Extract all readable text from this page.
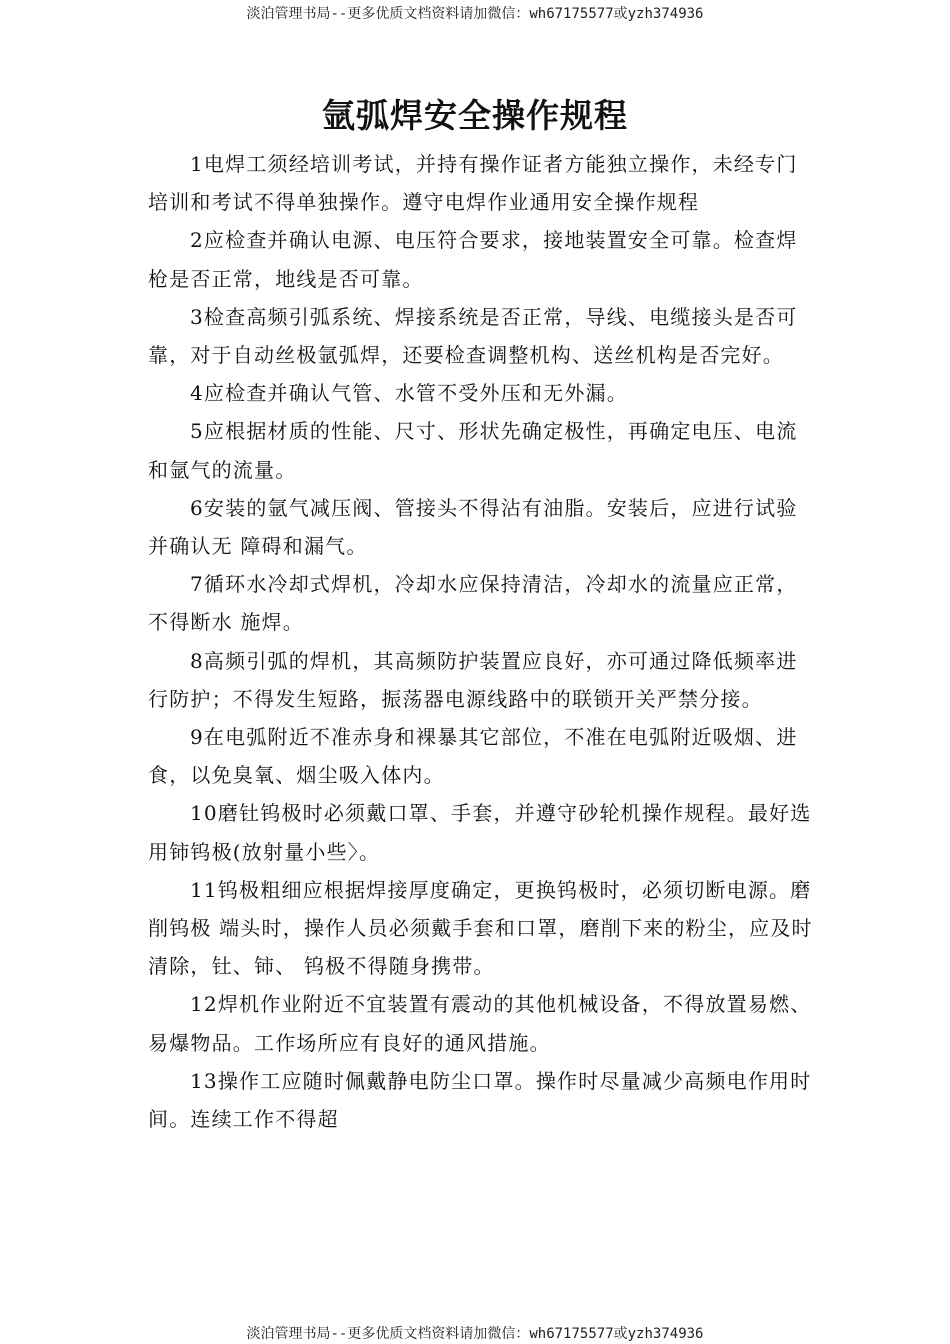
淡泊管理书局--更多优质文档资料请加微信：wh67175577或yzh374936
氩弧焊安全操作规程

1电焊工须经培训考试，并持有操作证者方能独立操作，未经专门培训和考试不得单独操作。遵守电焊作业通用安全操作规程

2应检查并确认电源、电压符合要求，接地装置安全可靠。检查焊枪是否正常，地线是否可靠。

3检查高频引弧系统、焊接系统是否正常，导线、电缆接头是否可靠，对于自动丝极氩弧焊，还要检查调整机构、送丝机构是否完好。

4应检查并确认气管、水管不受外压和无外漏。

5应根据材质的性能、尺寸、形状先确定极性，再确定电压、电流和氩气的流量。

6安装的氩气减压阀、管接头不得沾有油脂。安装后，应进行试验并确认无 障碍和漏气。

7循环水冷却式焊机，冷却水应保持清洁，冷却水的流量应正常，不得断水 施焊。

8高频引弧的焊机，其高频防护装置应良好，亦可通过降低频率进行防护；不得发生短路，振荡器电源线路中的联锁开关严禁分接。

9在电弧附近不准赤身和裸暴其它部位，不准在电弧附近吸烟、进食，以免臭氧、烟尘吸入体内。

10磨钍钨极时必须戴口罩、手套，并遵守砂轮机操作规程。最好选用铈钨极(放射量小些〉。

11钨极粗细应根据焊接厚度确定，更换钨极时，必须切断电源。磨削钨极 端头时，操作人员必须戴手套和口罩，磨削下来的粉尘，应及时清除，钍、铈、 钨极不得随身携带。

12焊机作业附近不宜装置有震动的其他机械设备，不得放置易燃、易爆物品。工作场所应有良好的通风措施。

13操作工应随时佩戴静电防尘口罩。操作时尽量减少高频电作用时间。连续工作不得超

淡泊管理书局--更多优质文档资料请加微信：wh67175577或yzh374936
